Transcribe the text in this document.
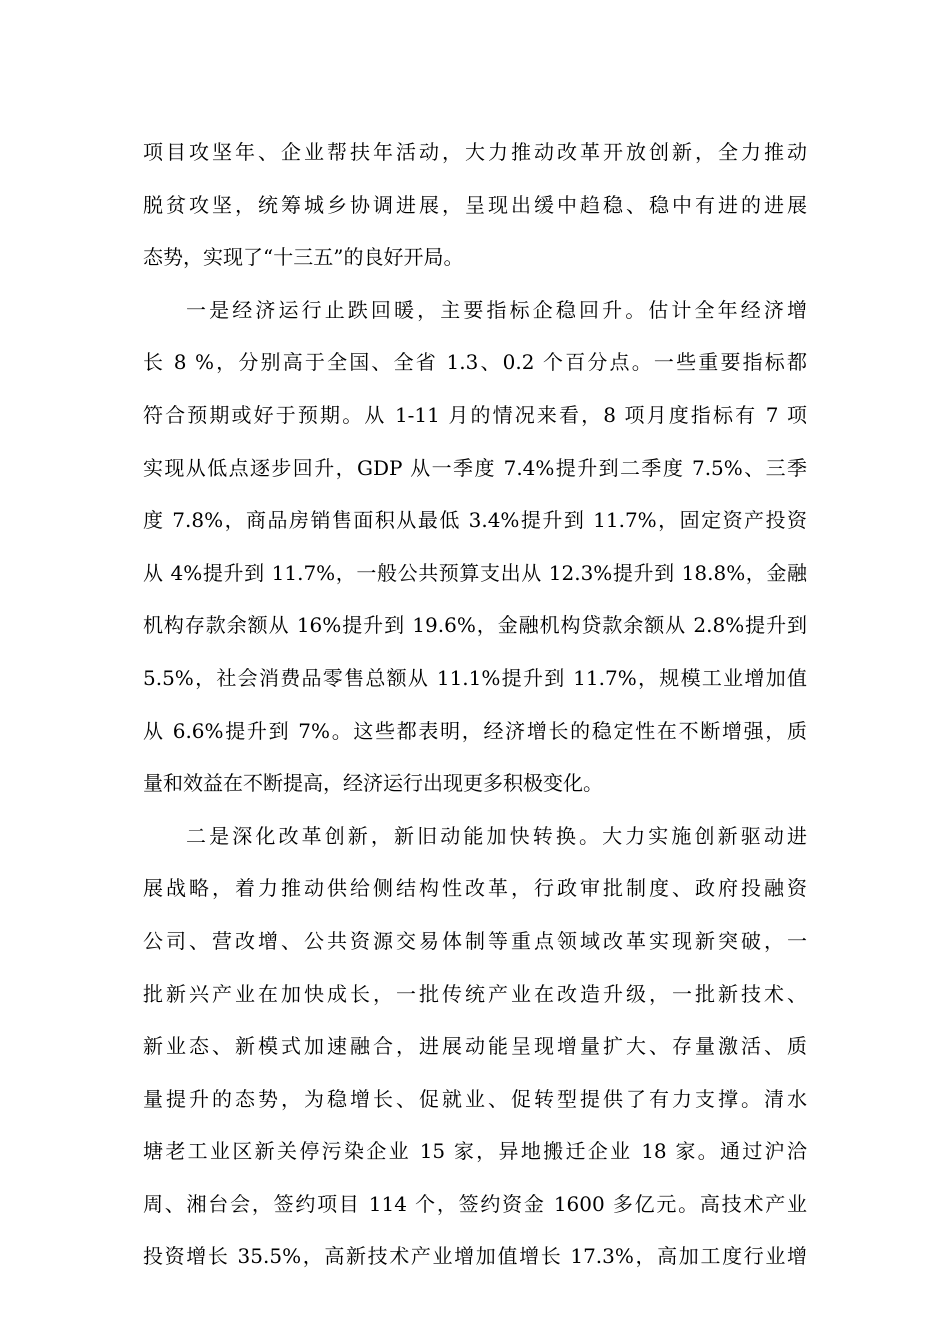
项目攻坚年、企业帮扶年活动，大力推动改革开放创新，全力推动
脱贫攻坚，统筹城乡协调进展，呈现出缓中趋稳、稳中有进的进展
态势，实现了“十三五”的良好开局。
一是经济运行止跌回暖，主要指标企稳回升。估计全年经济增
长 8 %，分别高于全国、全省 1.3、0.2 个百分点。一些重要指标都
符合预期或好于预期。从 1-11 月的情况来看，8 项月度指标有 7 项
实现从低点逐步回升，GDP 从一季度 7.4%提升到二季度 7.5%、三季
度 7.8%，商品房销售面积从最低 3.4%提升到 11.7%，固定资产投资
从 4%提升到 11.7%，一般公共预算支出从 12.3%提升到 18.8%，金融
机构存款余额从 16%提升到 19.6%，金融机构贷款余额从 2.8%提升到
5.5%，社会消费品零售总额从 11.1%提升到 11.7%，规模工业增加值
从 6.6%提升到 7%。这些都表明，经济增长的稳定性在不断增强，质
量和效益在不断提高，经济运行出现更多积极变化。
二是深化改革创新，新旧动能加快转换。大力实施创新驱动进
展战略，着力推动供给侧结构性改革，行政审批制度、政府投融资
公司、营改增、公共资源交易体制等重点领域改革实现新突破，一
批新兴产业在加快成长，一批传统产业在改造升级，一批新技术、
新业态、新模式加速融合，进展动能呈现增量扩大、存量激活、质
量提升的态势，为稳增长、促就业、促转型提供了有力支撑。清水
塘老工业区新关停污染企业 15 家，异地搬迁企业 18 家。通过沪洽
周、湘台会，签约项目 114 个，签约资金 1600 多亿元。高技术产业
投资增长 35.5%，高新技术产业增加值增长 17.3%，高加工度行业增
